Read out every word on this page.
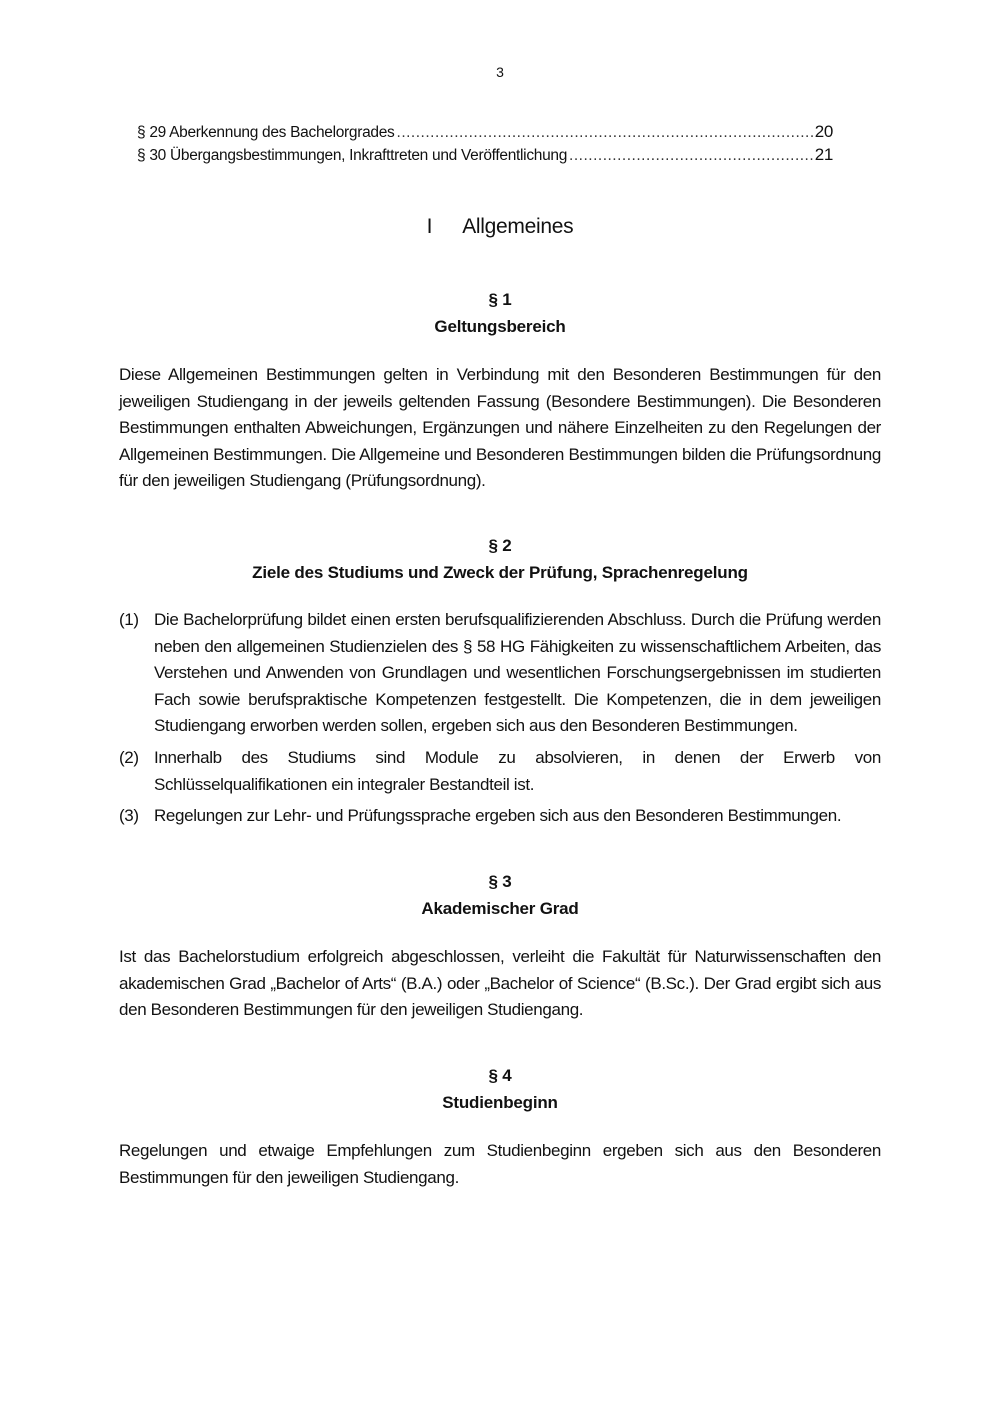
3
§ 29 Aberkennung des Bachelorgrades .....	20
§ 30 Übergangsbestimmungen, Inkrafttreten und Veröffentlichung .....	21
I Allgemeines
§ 1
Geltungsbereich
Diese Allgemeinen Bestimmungen gelten in Verbindung mit den Besonderen Bestimmungen für den jeweiligen Studiengang in der jeweils geltenden Fassung (Besondere Bestimmungen). Die Besonderen Bestimmungen enthalten Abweichungen, Ergänzungen und nähere Einzelheiten zu den Regelungen der Allgemeinen Bestimmungen. Die Allgemeine und Besonderen Bestimmungen bilden die Prüfungsordnung für den jeweiligen Studiengang (Prüfungsordnung).
§ 2
Ziele des Studiums und Zweck der Prüfung, Sprachenregelung
(1) Die Bachelorprüfung bildet einen ersten berufsqualifizierenden Abschluss. Durch die Prüfung werden neben den allgemeinen Studienzielen des § 58 HG Fähigkeiten zu wissenschaftlichem Arbeiten, das Verstehen und Anwenden von Grundlagen und wesentlichen Forschungsergebnissen im studierten Fach sowie berufspraktische Kompetenzen festgestellt. Die Kompetenzen, die in dem jeweiligen Studiengang erworben werden sollen, ergeben sich aus den Besonderen Bestimmungen.
(2) Innerhalb des Studiums sind Module zu absolvieren, in denen der Erwerb von Schlüsselqualifikationen ein integraler Bestandteil ist.
(3) Regelungen zur Lehr- und Prüfungssprache ergeben sich aus den Besonderen Bestimmungen.
§ 3
Akademischer Grad
Ist das Bachelorstudium erfolgreich abgeschlossen, verleiht die Fakultät für Naturwissenschaften den akademischen Grad „Bachelor of Arts“ (B.A.) oder „Bachelor of Science“ (B.Sc.). Der Grad ergibt sich aus den Besonderen Bestimmungen für den jeweiligen Studiengang.
§ 4
Studienbeginn
Regelungen und etwaige Empfehlungen zum Studienbeginn ergeben sich aus den Besonderen Bestimmungen für den jeweiligen Studiengang.
